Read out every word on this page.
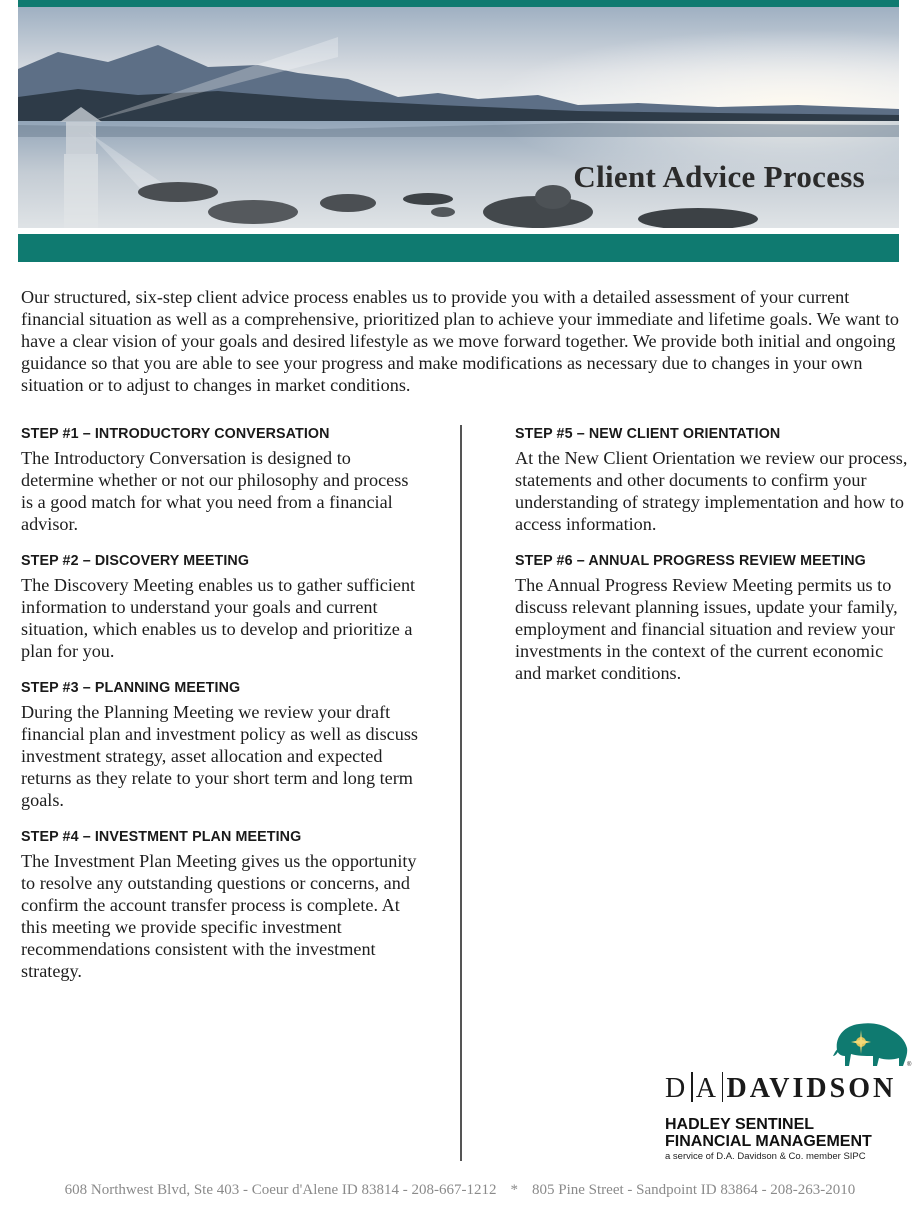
Client Advice Process

Our structured, six-step client advice process enables us to provide you with a detailed assessment of your current financial situation as well as a comprehensive, prioritized plan to achieve your immediate and lifetime goals. We want to have a clear vision of your goals and desired lifestyle as we move forward together. We provide both initial and ongoing guidance so that you are able to see your progress and make modifications as necessary due to changes in your own situation or to adjust to changes in market conditions.

STEP #1 – INTRODUCTORY CONVERSATION

The Introductory Conversation is designed to determine whether or not our philosophy and process is a good match for what you need from a financial advisor.

STEP #2 – DISCOVERY MEETING

The Discovery Meeting enables us to gather sufficient information to understand your goals and current situation, which enables us to develop and prioritize a plan for you.

STEP #3 – PLANNING MEETING

During the Planning Meeting we review your draft financial plan and investment policy as well as discuss investment strategy, asset allocation and expected returns as they relate to your short term and long term goals.

STEP #4 – INVESTMENT PLAN MEETING

The Investment Plan Meeting gives us the opportunity to resolve any outstanding questions or concerns, and confirm the account transfer process is complete. At this meeting we provide specific investment recommendations consistent with the investment strategy.

STEP #5 – NEW CLIENT ORIENTATION

At the New Client Orientation we review our process, statements and other documents to confirm your understanding of strategy implementation and how to access information.

STEP #6 – ANNUAL PROGRESS REVIEW MEETING

The Annual Progress Review Meeting permits us to discuss relevant planning issues, update your family, employment and financial situation and review your investments in the context of the current economic and market conditions.

®
D A DAVIDSON
HADLEY SENTINEL
FINANCIAL MANAGEMENT
a service of D.A. Davidson & Co. member SIPC
608 Northwest Blvd, Ste 403 - Coeur d'Alene ID 83814 - 208-667-1212 * 805 Pine Street - Sandpoint ID 83864 - 208-263-2010
